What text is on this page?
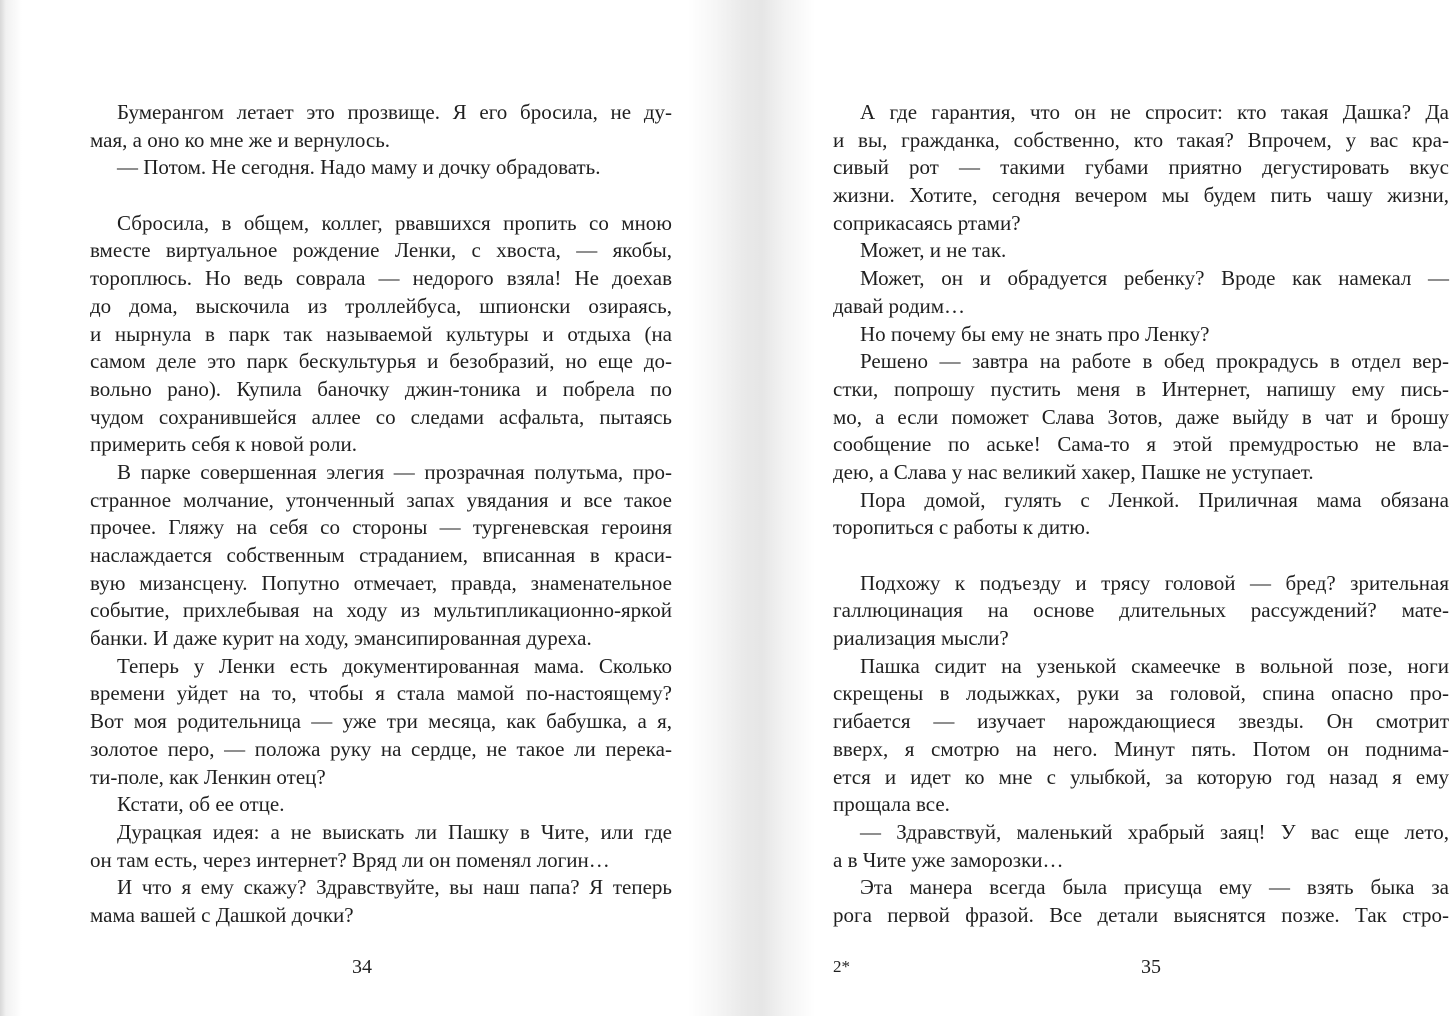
Бумерангом летает это прозвище. Я его бросила, не ду-
мая, а оно ко мне же и вернулось.
— Потом. Не сегодня. Надо маму и дочку обрадовать.
Сбросила, в общем, коллег, рвавшихся пропить со мною
вместе виртуальное рождение Ленки, с хвоста, — якобы,
тороплюсь. Но ведь соврала — недорого взяла! Не доехав
до дома, выскочила из троллейбуса, шпионски озираясь,
и нырнула в парк так называемой культуры и отдыха (на
самом деле это парк бескультурья и безобразий, но еще до-
вольно рано). Купила баночку джин-тоника и побрела по
чудом сохранившейся аллее со следами асфальта, пытаясь
примерить себя к новой роли.
В парке совершенная элегия — прозрачная полутьма, про-
странное молчание, утонченный запах увядания и все такое
прочее. Гляжу на себя со стороны — тургеневская героиня
наслаждается собственным страданием, вписанная в краси-
вую мизансцену. Попутно отмечает, правда, знаменательное
событие, прихлебывая на ходу из мультипликационно-яркой
банки. И даже курит на ходу, эмансипированная дуреха.
Теперь у Ленки есть документированная мама. Сколько
времени уйдет на то, чтобы я стала мамой по-настоящему?
Вот моя родительница — уже три месяца, как бабушка, а я,
золотое перо, — положа руку на сердце, не такое ли перека-
ти-поле, как Ленкин отец?
Кстати, об ее отце.
Дурацкая идея: а не выискать ли Пашку в Чите, или где
он там есть, через интернет? Вряд ли он поменял логин…
И что я ему скажу? Здравствуйте, вы наш папа? Я теперь
мама вашей с Дашкой дочки?
34
А где гарантия, что он не спросит: кто такая Дашка? Да
и вы, гражданка, собственно, кто такая? Впрочем, у вас кра-
сивый рот — такими губами приятно дегустировать вкус
жизни. Хотите, сегодня вечером мы будем пить чашу жизни,
соприкасаясь ртами?
Может, и не так.
Может, он и обрадуется ребенку? Вроде как намекал —
давай родим…
Но почему бы ему не знать про Ленку?
Решено — завтра на работе в обед прокрадусь в отдел вер-
стки, попрошу пустить меня в Интернет, напишу ему пись-
мо, а если поможет Слава Зотов, даже выйду в чат и брошу
сообщение по аське! Сама-то я этой премудростью не вла-
дею, а Слава у нас великий хакер, Пашке не уступает.
Пора домой, гулять с Ленкой. Приличная мама обязана
торопиться с работы к дитю.
Подхожу к подъезду и трясу головой — бред? зрительная
галлюцинация на основе длительных рассуждений? мате-
риализация мысли?
Пашка сидит на узенькой скамеечке в вольной позе, ноги
скрещены в лодыжках, руки за головой, спина опасно про-
гибается — изучает нарождающиеся звезды. Он смотрит
вверх, я смотрю на него. Минут пять. Потом он поднима-
ется и идет ко мне с улыбкой, за которую год назад я ему
прощала все.
— Здравствуй, маленький храбрый заяц! У вас еще лето,
а в Чите уже заморозки…
Эта манера всегда была присуща ему — взять быка за
рога первой фразой. Все детали выяснятся позже. Так стро-
2*	35
